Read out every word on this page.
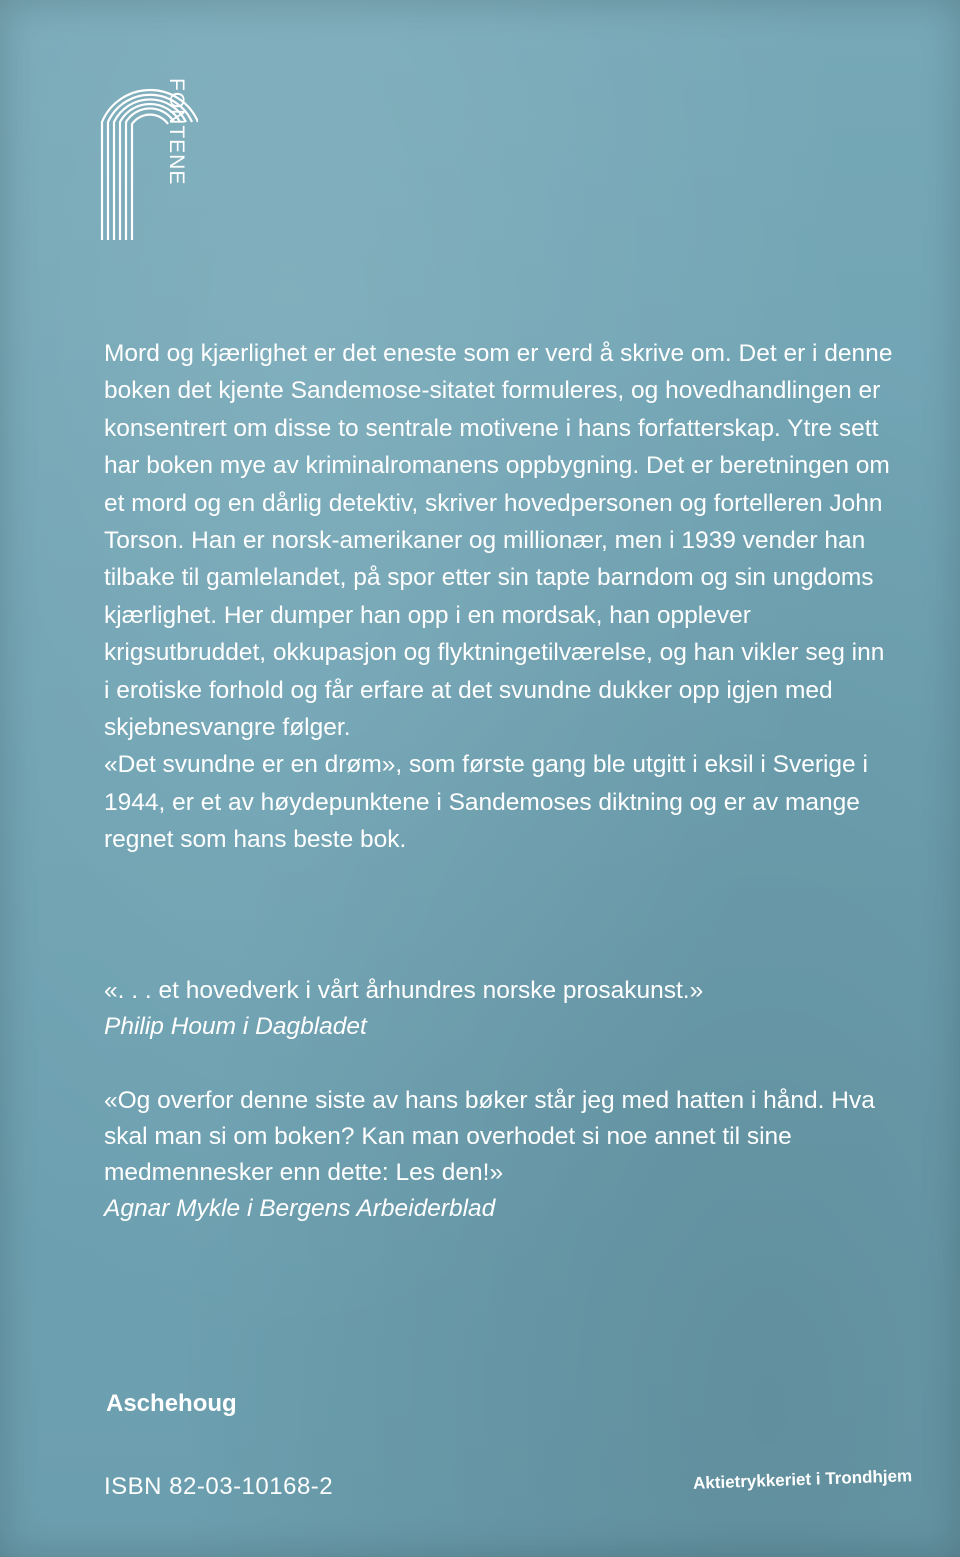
FONTENE

Mord og kjærlighet er det eneste som er verd å skrive om. Det er i denne boken det kjente Sandemose-sitatet formuleres, og hovedhandlingen er konsentrert om disse to sentrale motivene i hans forfatterskap. Ytre sett har boken mye av kriminalromanens oppbygning. Det er beretningen om et mord og en dårlig detektiv, skriver hovedpersonen og fortelleren John Torson. Han er norsk-amerikaner og millionær, men i 1939 vender han tilbake til gamlelandet, på spor etter sin tapte barndom og sin ungdoms kjærlighet. Her dumper han opp i en mordsak, han opplever krigsutbruddet, okkupasjon og flyktningetilværelse, og han vikler seg inn i erotiske forhold og får erfare at det svundne dukker opp igjen med skjebnesvangre følger.

«Det svundne er en drøm», som første gang ble utgitt i eksil i Sverige i 1944, er et av høydepunktene i Sandemoses diktning og er av mange regnet som hans beste bok.

«. . . et hovedverk i vårt århundres norske prosakunst.»

Philip Houm i Dagbladet

«Og overfor denne siste av hans bøker står jeg med hatten i hånd. Hva skal man si om boken? Kan man overhodet si noe annet til sine medmennesker enn dette: Les den!»

Agnar Mykle i Bergens Arbeiderblad

Aschehoug
ISBN 82-03-10168-2	Aktietrykkeriet i Trondhjem
